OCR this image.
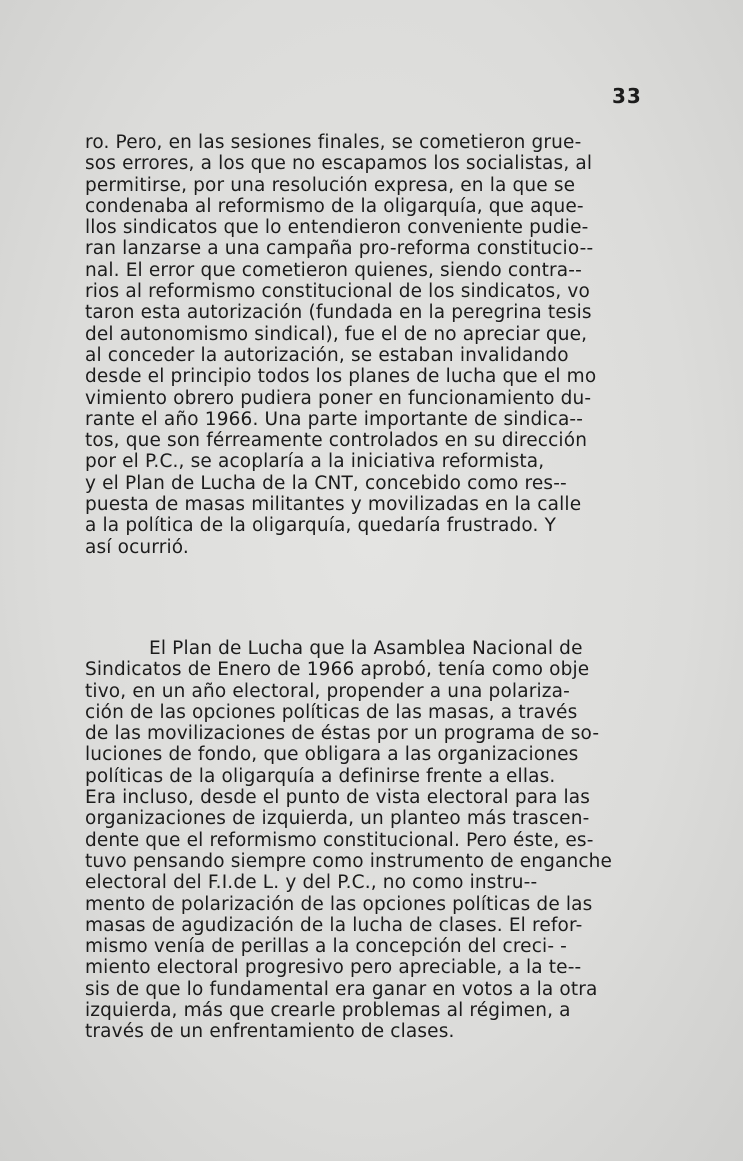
33
ro. Pero, en las sesiones finales, se cometieron grue-
sos errores, a los que no escapamos los socialistas, al
permitirse, por una resolución expresa, en la que se
condenaba al reformismo de la oligarquía, que aque-
llos sindicatos que lo entendieron conveniente pudie-
ran lanzarse a una campaña pro-reforma constitucio--
nal. El error que cometieron quienes, siendo contra--
rios al reformismo constitucional de los sindicatos, vo
taron esta autorización (fundada en la peregrina tesis
del autonomismo sindical), fue el de no apreciar que,
al conceder la autorización, se estaban invalidando
desde el principio todos los planes de lucha que el mo
vimiento obrero pudiera poner en funcionamiento du-
rante el año 1966. Una parte importante de sindica--
tos, que son férreamente controlados en su dirección
por el P.C., se acoplaría a la iniciativa reformista,
y el Plan de Lucha de la CNT, concebido como res--
puesta de masas militantes y movilizadas en la calle
a la política de la oligarquía, quedaría frustrado. Y
así ocurrió.
El Plan de Lucha que la Asamblea Nacional de
Sindicatos de Enero de 1966 aprobó, tenía como obje
tivo, en un año electoral, propender a una polariza-
ción de las opciones políticas de las masas, a través
de las movilizaciones de éstas por un programa de so-
luciones de fondo, que obligara a las organizaciones
políticas de la oligarquía a definirse frente a ellas.
Era incluso, desde el punto de vista electoral para las
organizaciones de izquierda, un planteo más trascen-
dente que el reformismo constitucional. Pero éste, es-
tuvo pensando siempre como instrumento de enganche
electoral del F.I.de L. y del P.C., no como instru--
mento de polarización de las opciones políticas de las
masas de agudización de la lucha de clases. El refor-
mismo venía de perillas a la concepción del creci- -
miento electoral progresivo pero apreciable, a la te--
sis de que lo fundamental era ganar en votos a la otra
izquierda, más que crearle problemas al régimen, a
través de un enfrentamiento de clases.
